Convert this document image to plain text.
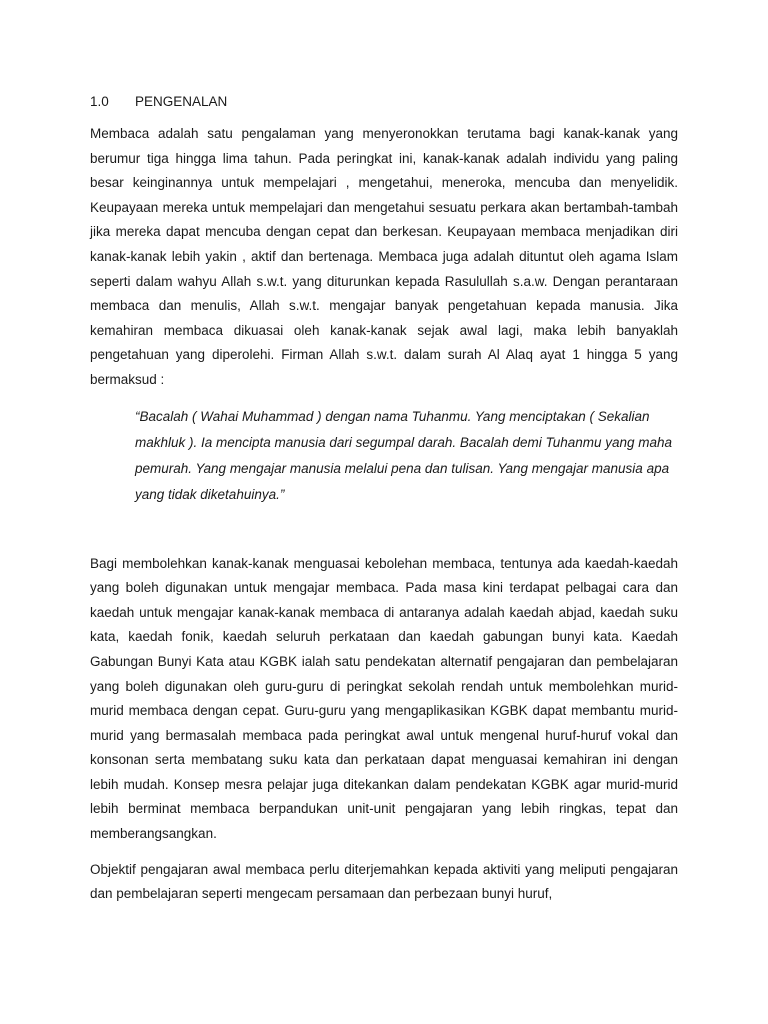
1.0	PENGENALAN

Membaca adalah satu pengalaman yang menyeronokkan terutama bagi kanak-kanak yang berumur tiga hingga lima tahun. Pada peringkat ini, kanak-kanak adalah individu yang paling besar keinginannya untuk mempelajari , mengetahui, meneroka, mencuba dan menyelidik. Keupayaan mereka untuk mempelajari dan mengetahui sesuatu perkara akan bertambah-tambah jika mereka dapat mencuba dengan cepat dan berkesan. Keupayaan membaca menjadikan diri kanak-kanak lebih yakin , aktif dan bertenaga. Membaca juga adalah dituntut oleh agama Islam seperti dalam wahyu Allah s.w.t. yang diturunkan kepada Rasulullah s.a.w. Dengan perantaraan membaca dan menulis, Allah s.w.t. mengajar banyak pengetahuan kepada manusia. Jika kemahiran membaca dikuasai oleh kanak-kanak sejak awal lagi, maka lebih banyaklah pengetahuan yang diperolehi. Firman Allah s.w.t. dalam surah Al Alaq ayat 1 hingga 5 yang bermaksud :

“Bacalah ( Wahai Muhammad ) dengan nama Tuhanmu. Yang menciptakan ( Sekalian makhluk ). Ia mencipta manusia dari segumpal darah. Bacalah demi Tuhanmu yang maha pemurah. Yang mengajar manusia melalui pena dan tulisan. Yang mengajar manusia apa yang tidak diketahuinya.”

Bagi membolehkan kanak-kanak menguasai kebolehan membaca, tentunya ada kaedah-kaedah yang boleh digunakan untuk mengajar membaca. Pada masa kini terdapat pelbagai cara dan kaedah untuk mengajar kanak-kanak membaca di antaranya adalah kaedah abjad, kaedah suku kata, kaedah fonik, kaedah seluruh perkataan dan kaedah gabungan bunyi kata. Kaedah Gabungan Bunyi Kata atau KGBK ialah satu pendekatan alternatif pengajaran dan pembelajaran yang boleh digunakan oleh guru-guru di peringkat sekolah rendah untuk membolehkan murid-murid membaca dengan cepat. Guru-guru yang mengaplikasikan KGBK dapat membantu murid-murid yang bermasalah membaca pada peringkat awal untuk mengenal huruf-huruf vokal dan konsonan serta membatang suku kata dan perkataan dapat menguasai kemahiran ini dengan lebih mudah. Konsep mesra pelajar juga ditekankan dalam pendekatan KGBK agar murid-murid lebih berminat membaca berpandukan unit-unit pengajaran yang lebih ringkas, tepat dan memberangsangkan.

Objektif pengajaran awal membaca perlu diterjemahkan kepada aktiviti yang meliputi pengajaran dan pembelajaran seperti mengecam persamaan dan perbezaan bunyi huruf,
